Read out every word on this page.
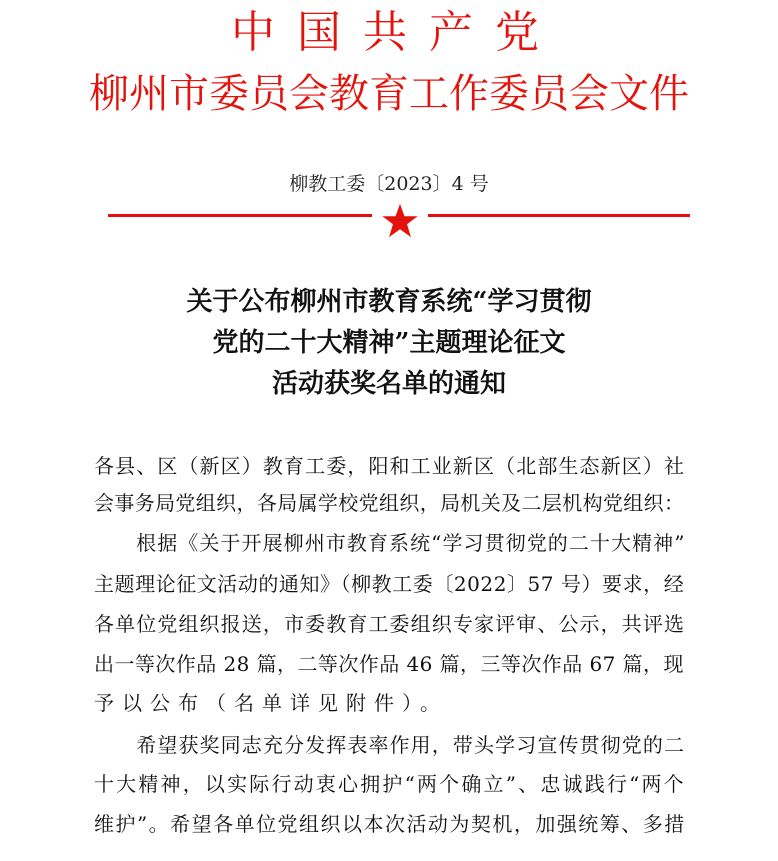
中国共产党
柳州市委员会教育工作委员会文件
柳教工委〔2023〕4 号
关于公布柳州市教育系统“学习贯彻
党的二十大精神”主题理论征文
活动获奖名单的通知
各县、区（新区）教育工委，阳和工业新区（北部生态新区）社
会事务局党组织，各局属学校党组织，局机关及二层机构党组织：
　　根据《关于开展柳州市教育系统“学习贯彻党的二十大精神”
主题理论征文活动的通知》（柳教工委〔2022〕57 号）要求，经
各单位党组织报送，市委教育工委组织专家评审、公示，共评选
出一等次作品 28 篇，二等次作品 46 篇，三等次作品 67 篇，现
予以公布（名单详见附件）。
　　希望获奖同志充分发挥表率作用，带头学习宣传贯彻党的二
十大精神，以实际行动衷心拥护“两个确立”、忠诚践行“两个
维护”。希望各单位党组织以本次活动为契机，加强统筹、多措
